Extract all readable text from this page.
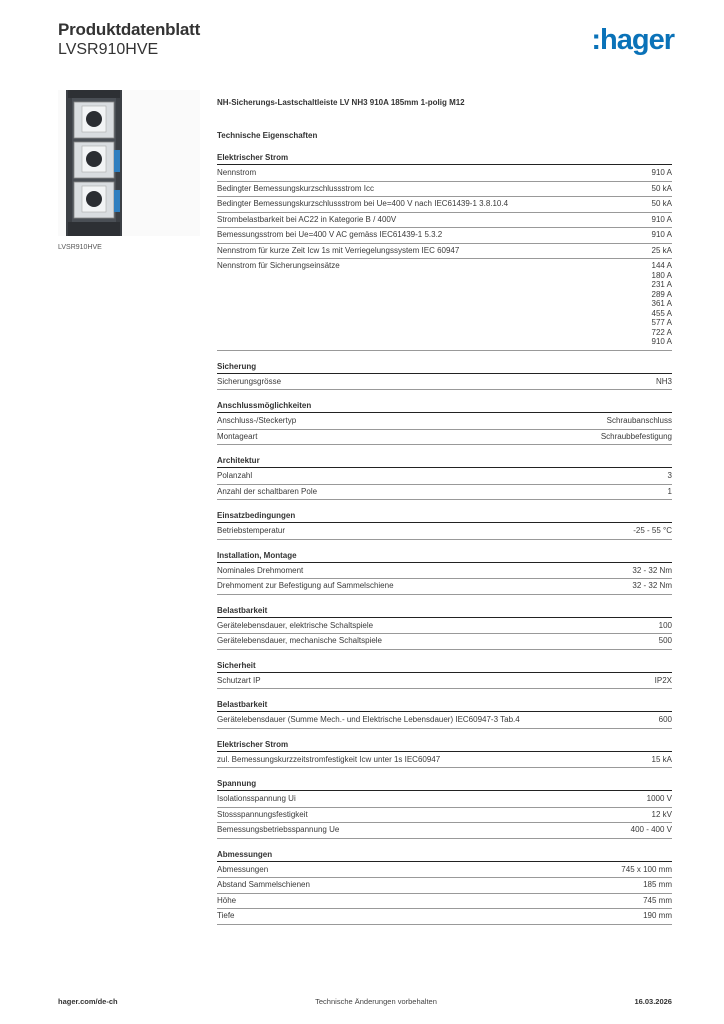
Produktdatenblatt
LVSR910HVE	:hager
LVSR910HVE
NH-Sicherungs-Lastschaltleiste LV NH3 910A 185mm 1-polig M12
Technische Eigenschaften
Elektrischer Strom
Nennstrom	910 A
Bedingter Bemessungskurzschlussstrom Icc	50 kA
Bedingter Bemessungskurzschlussstrom bei Ue=400 V nach IEC61439-1 3.8.10.4	50 kA
Strombelastbarkeit bei AC22 in Kategorie B / 400V	910 A
Bemessungsstrom bei Ue=400 V AC gemäss IEC61439-1 5.3.2	910 A
Nennstrom für kurze Zeit Icw 1s mit Verriegelungssystem IEC 60947	25 kA
Nennstrom für Sicherungseinsätze	144 A
180 A
231 A
289 A
361 A
455 A
577 A
722 A
910 A
Sicherung
Sicherungsgrösse	NH3
Anschlussmöglichkeiten
Anschluss-/Steckertyp	Schraubanschluss
Montageart	Schraubbefestigung
Architektur
Polanzahl	3
Anzahl der schaltbaren Pole	1
Einsatzbedingungen
Betriebstemperatur	-25 - 55 °C
Installation, Montage
Nominales Drehmoment	32 - 32 Nm
Drehmoment zur Befestigung auf Sammelschiene	32 - 32 Nm
Belastbarkeit
Gerätelebensdauer, elektrische Schaltspiele	100
Gerätelebensdauer, mechanische Schaltspiele	500
Sicherheit
Schutzart IP	IP2X
Belastbarkeit
Gerätelebensdauer (Summe Mech.- und Elektrische Lebensdauer) IEC60947-3 Tab.4	600
Elektrischer Strom
zul. Bemessungskurzzeitstromfestigkeit Icw unter 1s IEC60947	15 kA
Spannung
Isolationsspannung Ui	1000 V
Stossspannungsfestigkeit	12 kV
Bemessungsbetriebsspannung Ue	400 - 400 V
Abmessungen
Abmessungen	745 x 100 mm
Abstand Sammelschienen	185 mm
Höhe	745 mm
Tiefe	190 mm
hager.com/de-ch	Technische Änderungen vorbehalten	16.03.2026
